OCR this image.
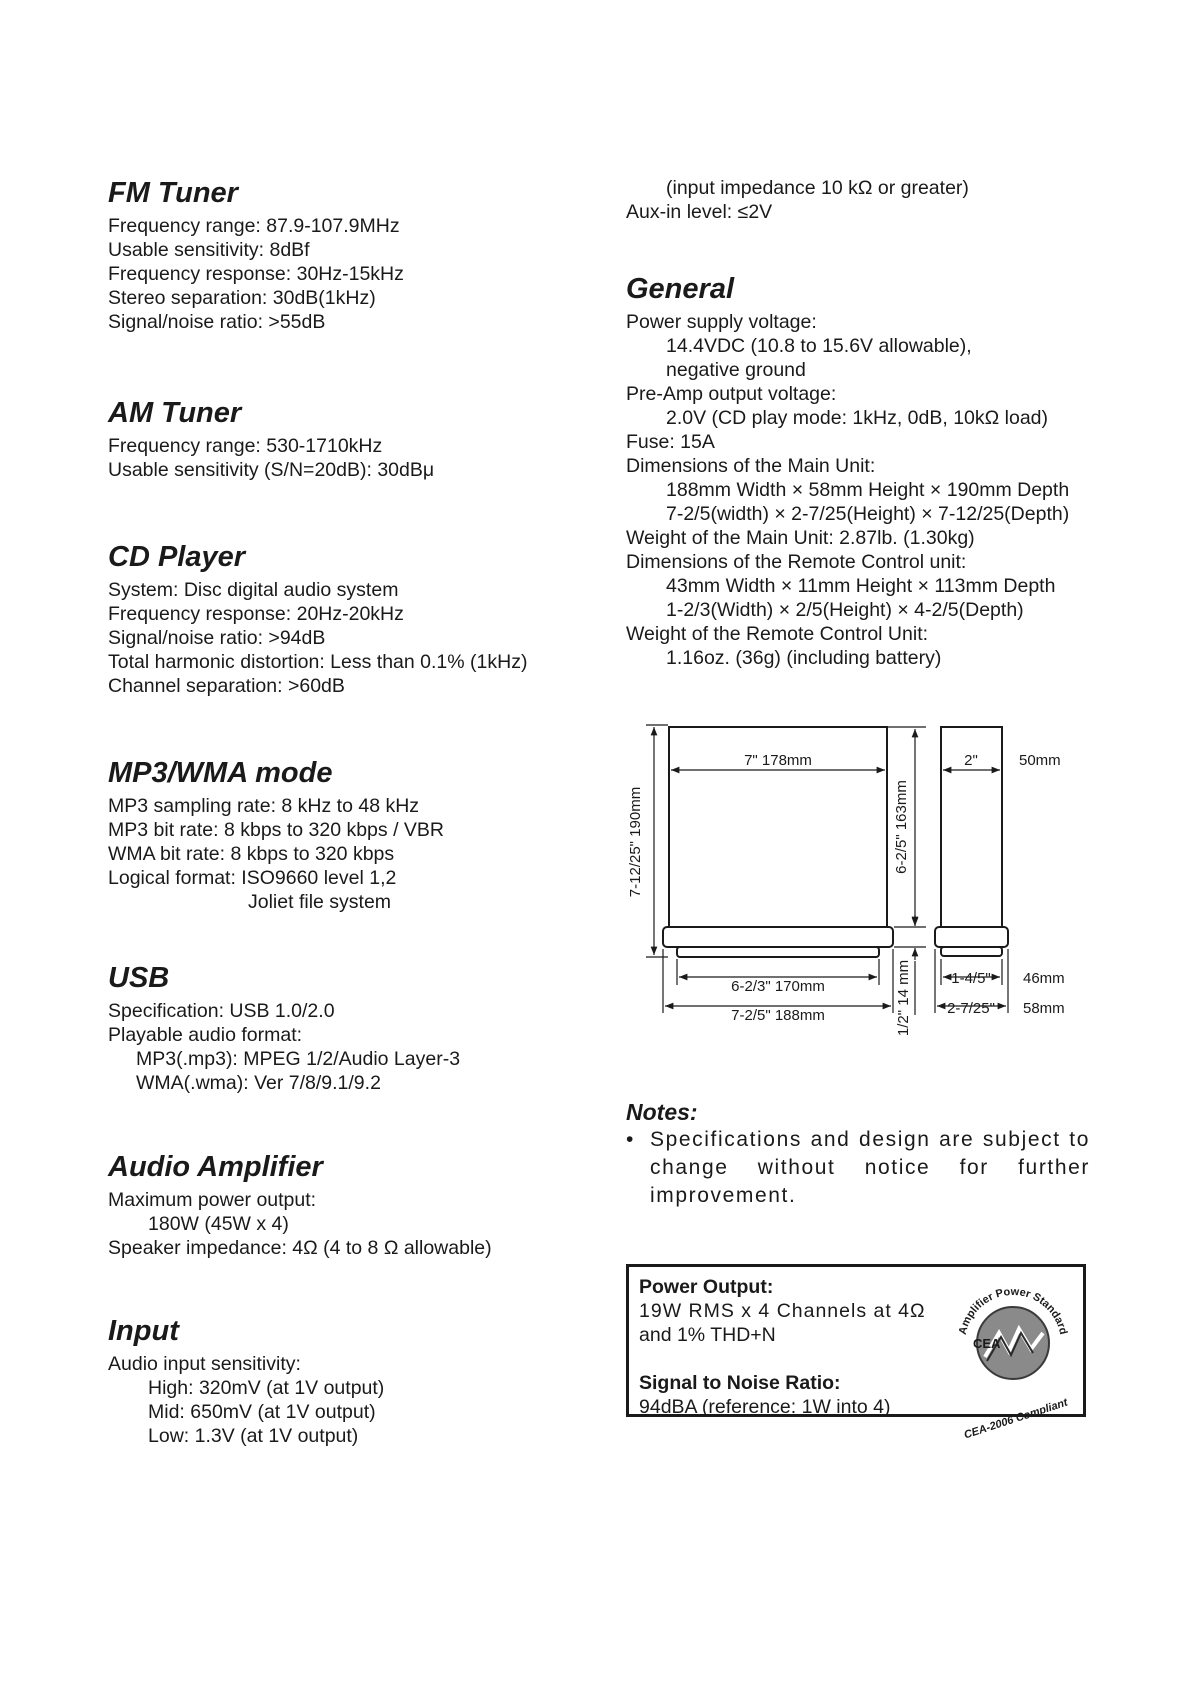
FM Tuner
Frequency range: 87.9-107.9MHz
Usable sensitivity: 8dBf
Frequency response: 30Hz-15kHz
Stereo separation: 30dB(1kHz)
Signal/noise ratio: >55dB
AM Tuner
Frequency range: 530-1710kHz
Usable sensitivity (S/N=20dB): 30dBμ
CD Player
System: Disc digital audio system
Frequency response: 20Hz-20kHz
Signal/noise ratio: >94dB
Total harmonic distortion: Less than 0.1% (1kHz)
Channel separation: >60dB
MP3/WMA mode
MP3 sampling rate: 8 kHz to 48 kHz
MP3 bit rate: 8 kbps to 320 kbps / VBR
WMA bit rate: 8 kbps to 320 kbps
Logical format: ISO9660 level 1,2
Joliet file system
USB
Specification: USB 1.0/2.0
Playable audio format:
MP3(.mp3): MPEG 1/2/Audio Layer-3
WMA(.wma): Ver 7/8/9.1/9.2
Audio Amplifier
Maximum power output:
180W (45W x 4)
Speaker impedance: 4Ω (4 to 8 Ω allowable)
Input
Audio input sensitivity:
High: 320mV (at 1V output)
Mid: 650mV (at 1V output)
Low: 1.3V (at 1V output)
(input impedance 10 kΩ or greater)
Aux-in level: ≤2V
General
Power supply voltage:
14.4VDC (10.8 to 15.6V allowable),
negative ground
Pre-Amp output voltage:
2.0V (CD play mode: 1kHz, 0dB, 10kΩ load)
Fuse: 15A
Dimensions of the Main Unit:
188mm Width × 58mm Height × 190mm Depth
7-2/5(width) × 2-7/25(Height) × 7-12/25(Depth)
Weight of the Main Unit: 2.87lb. (1.30kg)
Dimensions of the Remote Control unit:
43mm Width × 11mm Height × 113mm Depth
1-2/3(Width) × 2/5(Height) × 4-2/5(Depth)
Weight of the Remote Control Unit:
1.16oz. (36g) (including battery)
7-12/25" 190mm	6-2/5" 163mm
1/2" 14 mm
7" 178mm
6-2/3" 170mm
7-2/5" 188mm
2"	50mm
1-4/5" 46mm
2-7/25" 58mm
Notes:
• Specifications and design are subject to change without notice for further improvement.
Power Output:
19W RMS x 4 Channels at 4Ω
and 1% THD+N
Signal to Noise Ratio:
94dBA (reference: 1W into 4)
Amplifier Power Standard
CEA
CEA-2006 Compliant
